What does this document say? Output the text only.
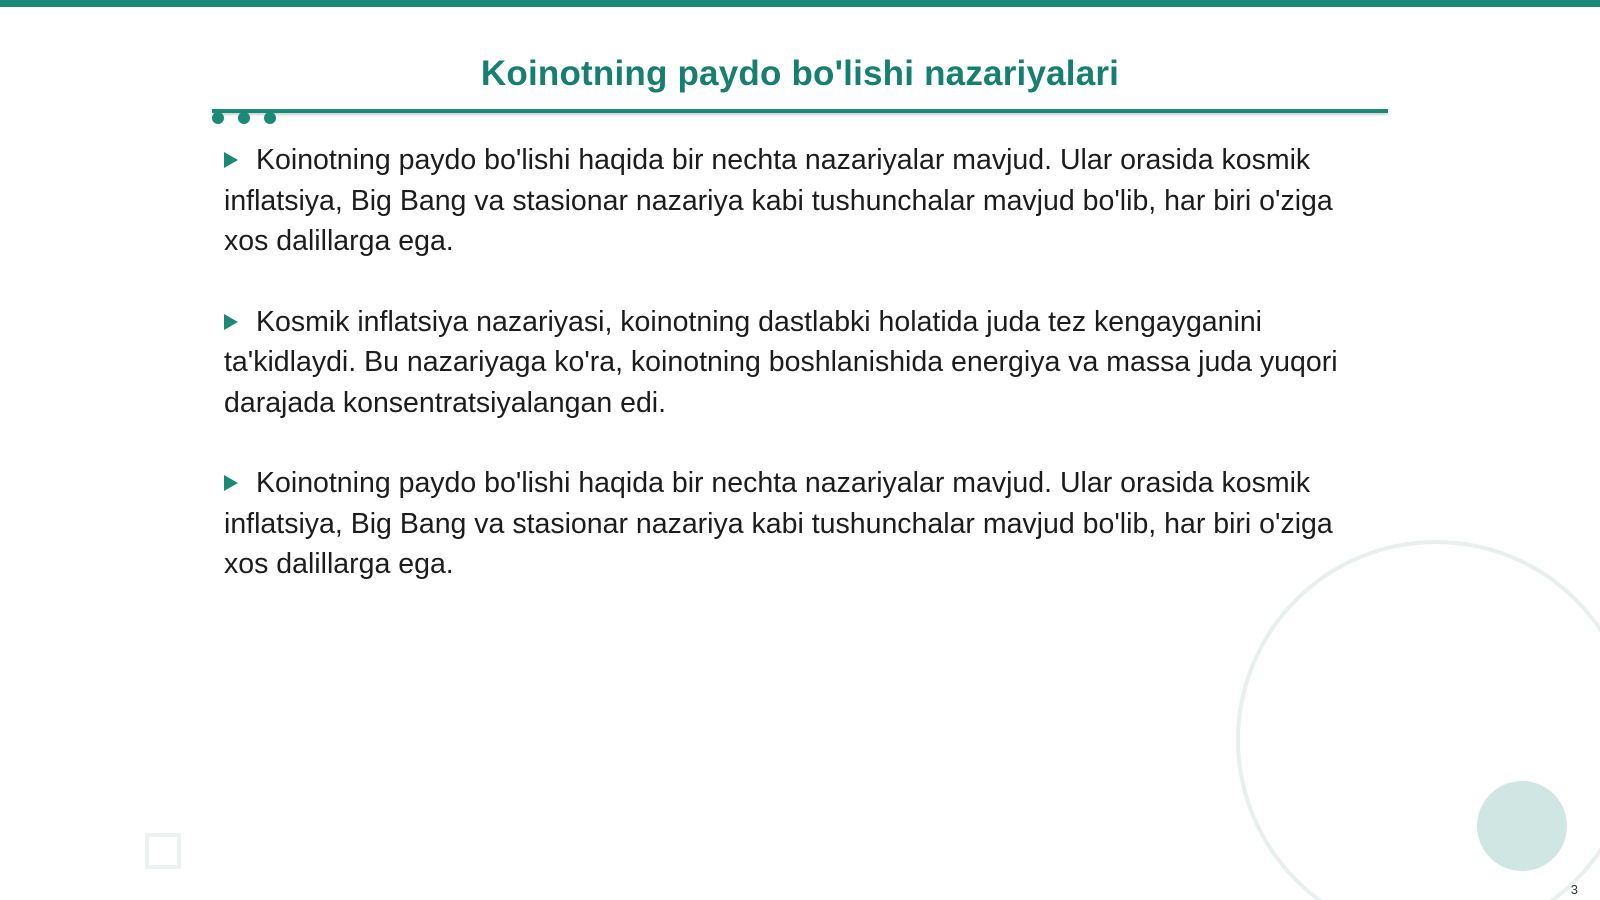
Koinotning paydo bo'lishi nazariyalari

Koinotning paydo bo'lishi haqida bir nechta nazariyalar mavjud. Ular orasida kosmik inflatsiya, Big Bang va stasionar nazariya kabi tushunchalar mavjud bo'lib, har biri o'ziga xos dalillarga ega.

Kosmik inflatsiya nazariyasi, koinotning dastlabki holatida juda tez kengayganini ta'kidlaydi. Bu nazariyaga ko'ra, koinotning boshlanishida energiya va massa juda yuqori darajada konsentratsiyalangan edi.

Koinotning paydo bo'lishi haqida bir nechta nazariyalar mavjud. Ular orasida kosmik inflatsiya, Big Bang va stasionar nazariya kabi tushunchalar mavjud bo'lib, har biri o'ziga xos dalillarga ega.

3
